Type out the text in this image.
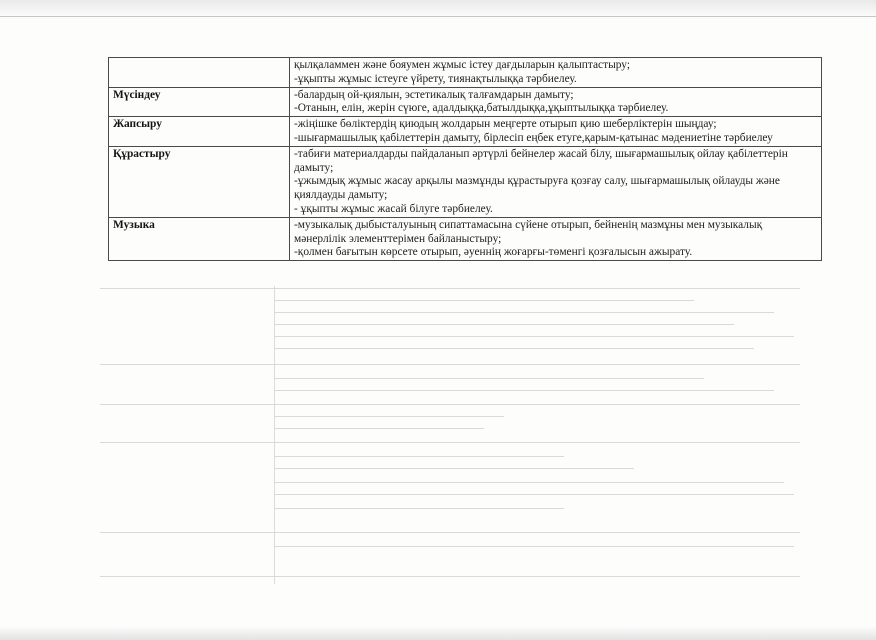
	қылқаламмен және бояумен жұмыс істеу дағдыларын қалыптастыру;
-ұқыпты жұмыс істеуге үйрету, тиянақтылыққа тәрбиелеу.

Мүсіндеу	-балардың ой-қиялын, эстетикалық талғамдарын дамыту;
-Отанын, елін, жерін сүюге, адалдыққа,батылдыққа,ұқыптылыққа тәрбиелеу.

Жапсыру	-жіңішке бөліктердің қиюдың жолдарын меңгерте отырып қию шеберліктерін шыңдау;
-шығармашылық қабілеттерін дамыту, бірлесіп еңбек етуге,қарым-қатынас мәдениетіне тәрбиелеу

Құрастыру	-табиғи материалдарды пайдаланып әртүрлі бейнелер жасай білу, шығармашылық ойлау қабілеттерін дамыту;
-ұжымдық жұмыс жасау арқылы мазмұнды құрастыруға қозғау салу, шығармашылық ойлауды және қиялдауды дамыту;
- ұқыпты жұмыс жасай білуге тәрбиелеу.

Музыка	-музыкалық дыбысталуының сипаттамасына сүйене отырып, бейненің мазмұны мен музыкалық мәнерлілік элементтерімен байланыстыру;
-қолмен бағытын көрсете отырып, әуеннің жоғарғы-төменгі қозғалысын ажырату.
